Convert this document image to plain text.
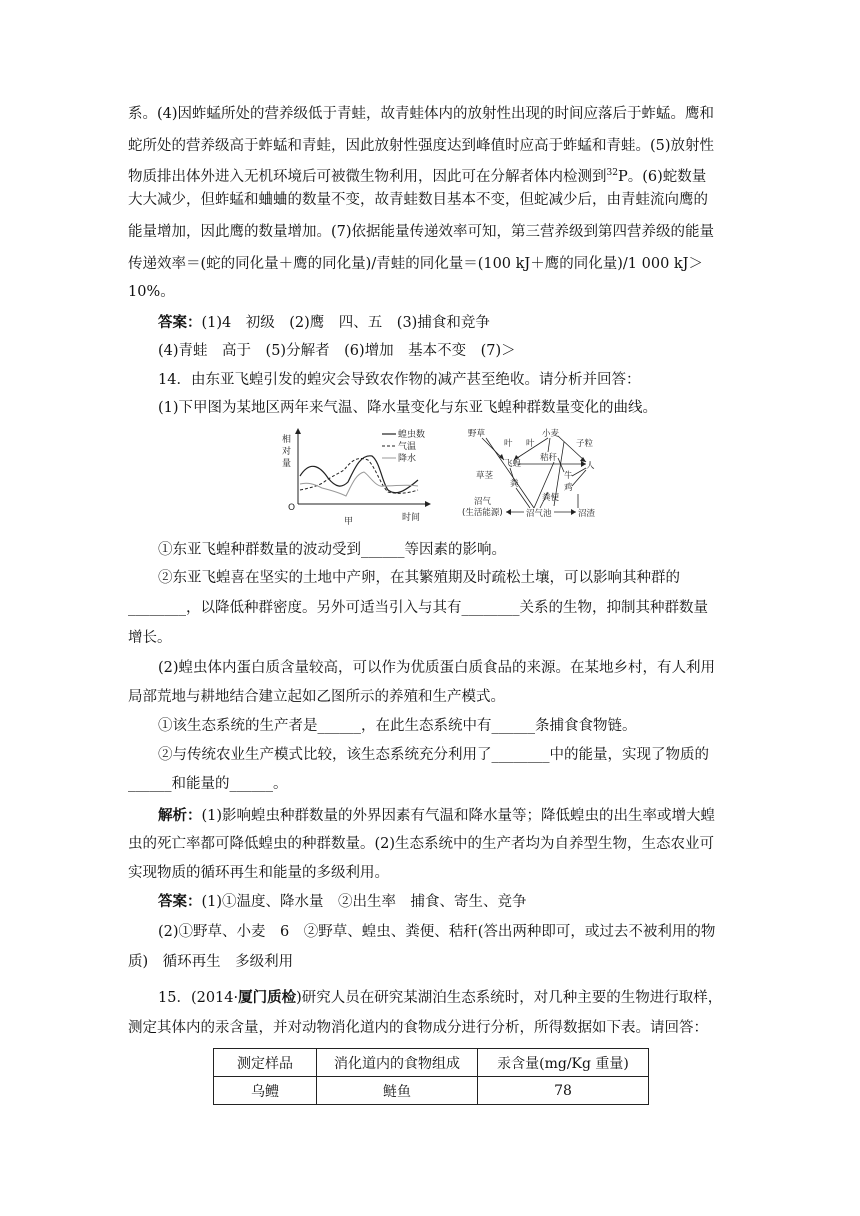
系。(4)因蚱蜢所处的营养级低于青蛙，故青蛙体内的放射性出现的时间应落后于蚱蜢。鹰和
蛇所处的营养级高于蚱蜢和青蛙，因此放射性强度达到峰值时应高于蚱蜢和青蛙。(5)放射性
物质排出体外进入无机环境后可被微生物利用，因此可在分解者体内检测到$^{32}$P。(6)蛇数量
大大减少，但蚱蜢和蛐蛐的数量不变，故青蛙数目基本不变，但蛇减少后，由青蛙流向鹰的
能量增加，因此鹰的数量增加。(7)依据能量传递效率可知，第三营养级到第四营养级的能量
传递效率＝(蛇的同化量＋鹰的同化量)/青蛙的同化量＝(100 kJ＋鹰的同化量)/1 000 kJ＞
10%。
答案：(1)4　初级　(2)鹰　四、五　(3)捕食和竞争
(4)青蛙　高于　(5)分解者　(6)增加　基本不变　(7)＞
14．由东亚飞蝗引发的蝗灾会导致农作物的减产甚至绝收。请分析并回答：
(1)下甲图为某地区两年来气温、降水量变化与东亚飞蝗种群数量变化的曲线。
相
对
量
O
时间
甲
蝗虫数
气温
降水
野草
叶 叶
小麦
子粒
飞蝗
秸秆
人
草茎
粪
牛
鸡
粪便
沼气
(生活能源)	沼气池	沼渣
①东亚飞蝗种群数量的波动受到______等因素的影响。
②东亚飞蝗喜在坚实的土地中产卵，在其繁殖期及时疏松土壤，可以影响其种群的
________，以降低种群密度。另外可适当引入与其有________关系的生物，抑制其种群数量
增长。
(2)蝗虫体内蛋白质含量较高，可以作为优质蛋白质食品的来源。在某地乡村，有人利用
局部荒地与耕地结合建立起如乙图所示的养殖和生产模式。
①该生态系统的生产者是______，在此生态系统中有______条捕食食物链。
②与传统农业生产模式比较，该生态系统充分利用了________中的能量，实现了物质的
______和能量的______。
解析：(1)影响蝗虫种群数量的外界因素有气温和降水量等；降低蝗虫的出生率或增大蝗
虫的死亡率都可降低蝗虫的种群数量。(2)生态系统中的生产者均为自养型生物，生态农业可
实现物质的循环再生和能量的多级利用。
答案：(1)①温度、降水量　②出生率　捕食、寄生、竞争
(2)①野草、小麦　6　②野草、蝗虫、粪便、秸秆(答出两种即可，或过去不被利用的物
质)　循环再生　多级利用
15．(2014·厦门质检)研究人员在研究某湖泊生态系统时，对几种主要的生物进行取样，
测定其体内的汞含量，并对动物消化道内的食物成分进行分析，所得数据如下表。请回答：
测定样品	消化道内的食物组成	汞含量(mg/Kg 重量)
乌鳢	鲢鱼	78
